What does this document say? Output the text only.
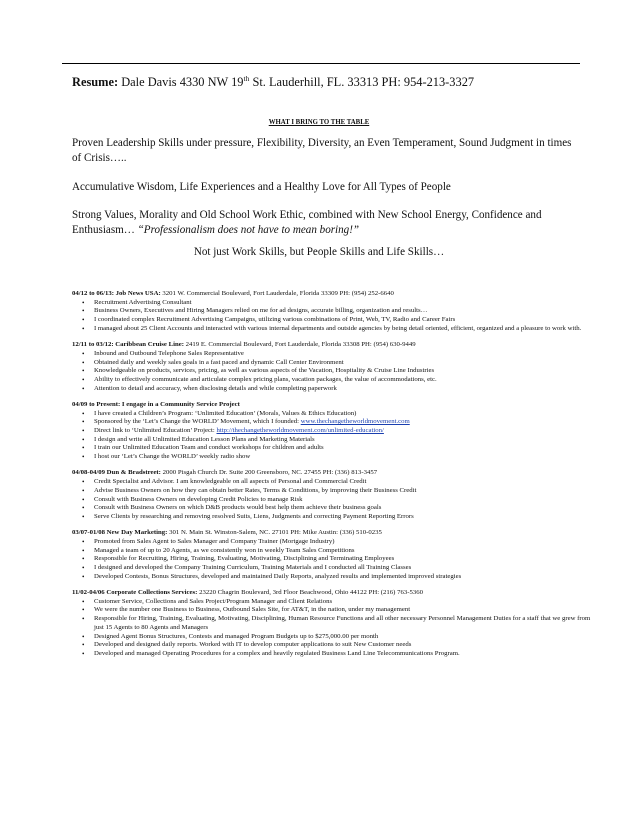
Resume: Dale Davis 4330 NW 19th St. Lauderhill, FL. 33313 PH: 954-213-3327
WHAT I BRING TO THE TABLE

Proven Leadership Skills under pressure, Flexibility, Diversity, an Even Temperament, Sound Judgment in times of Crisis…..

Accumulative Wisdom, Life Experiences and a Healthy Love for All Types of People

Strong Values, Morality and Old School Work Ethic, combined with New School Energy, Confidence and Enthusiasm… “Professionalism does not have to mean boring!”

Not just Work Skills, but People Skills and Life Skills…

04/12 to 06/13: Job News USA: 3201 W. Commercial Boulevard, Fort Lauderdale, Florida 33309 PH: (954) 252-6640

• Recruitment Advertising Consultant
• Business Owners, Executives and Hiring Managers relied on me for ad designs, accurate billing, organization and results…
• I coordinated complex Recruitment Advertising Campaigns, utilizing various combinations of Print, Web, TV, Radio and Career Fairs
• I managed about 25 Client Accounts and interacted with various internal departments and outside agencies by being detail oriented, efficient, organized and a pleasure to work with.

12/11 to 03/12: Caribbean Cruise Line: 2419 E. Commercial Boulevard, Fort Lauderdale, Florida 33308 PH: (954) 630-9449

• Inbound and Outbound Telephone Sales Representative
• Obtained daily and weekly sales goals in a fast paced and dynamic Call Center Environment
• Knowledgeable on products, services, pricing, as well as various aspects of the Vacation, Hospitality & Cruise Line Industries
• Ability to effectively communicate and articulate complex pricing plans, vacation packages, the value of accommodations, etc.
• Attention to detail and accuracy, when disclosing details and while completing paperwork

04/09 to Present: I engage in a Community Service Project

• I have created a Children’s Program: ‘Unlimited Education’ (Morals, Values & Ethics Education)
• Sponsored by the ‘Let’s Change the WORLD’ Movement, which I founded: www.thechangetheworldmovement.com
• Direct link to ‘Unlimited Education’ Project: http://thechangetheworldmovement.com/unlimited-education/
• I design and write all Unlimited Education Lesson Plans and Marketing Materials
• I train our Unlimited Education Team and conduct workshops for children and adults
• I host our ‘Let’s Change the WORLD’ weekly radio show

04/08-04/09 Dun & Bradstreet: 2000 Pisgah Church Dr. Suite 200 Greensboro, NC. 27455 PH: (336) 813-3457

• Credit Specialist and Advisor. I am knowledgeable on all aspects of Personal and Commercial Credit
• Advise Business Owners on how they can obtain better Rates, Terms & Conditions, by improving their Business Credit
• Consult with Business Owners on developing Credit Policies to manage Risk
• Consult with Business Owners on which D&B products would best help them achieve their business goals
• Serve Clients by researching and removing resolved Suits, Liens, Judgments and correcting Payment Reporting Errors

03/07-01/08 New Day Marketing: 301 N. Main St. Winston-Salem, NC. 27101 PH: Mike Austin: (336) 510-0235

• Promoted from Sales Agent to Sales Manager and Company Trainer (Mortgage Industry)
• Managed a team of up to 20 Agents, as we consistently won in weekly Team Sales Competitions
• Responsible for Recruiting, Hiring, Training, Evaluating, Motivating, Disciplining and Terminating Employees
• I designed and developed the Company Training Curriculum, Training Materials and I conducted all Training Classes
• Developed Contests, Bonus Structures, developed and maintained Daily Reports, analyzed results and implemented improved strategies

11/02-04/06 Corporate Collections Services: 23220 Chagrin Boulevard, 3rd Floor Beachwood, Ohio 44122 PH: (216) 763-5360

• Customer Service, Collections and Sales Project/Program Manager and Client Relations
• We were the number one Business to Business, Outbound Sales Site, for AT&T, in the nation, under my management
• Responsible for Hiring, Training, Evaluating, Motivating, Disciplining, Human Resource Functions and all other necessary Personnel Management Duties for a staff that we grew from just 15 Agents to 80 Agents and Managers
• Designed Agent Bonus Structures, Contests and managed Program Budgets up to $275,000.00 per month
• Developed and designed daily reports. Worked with IT to develop computer applications to suit New Customer needs
• Developed and managed Operating Procedures for a complex and heavily regulated Business Land Line Telecommunications Program.
